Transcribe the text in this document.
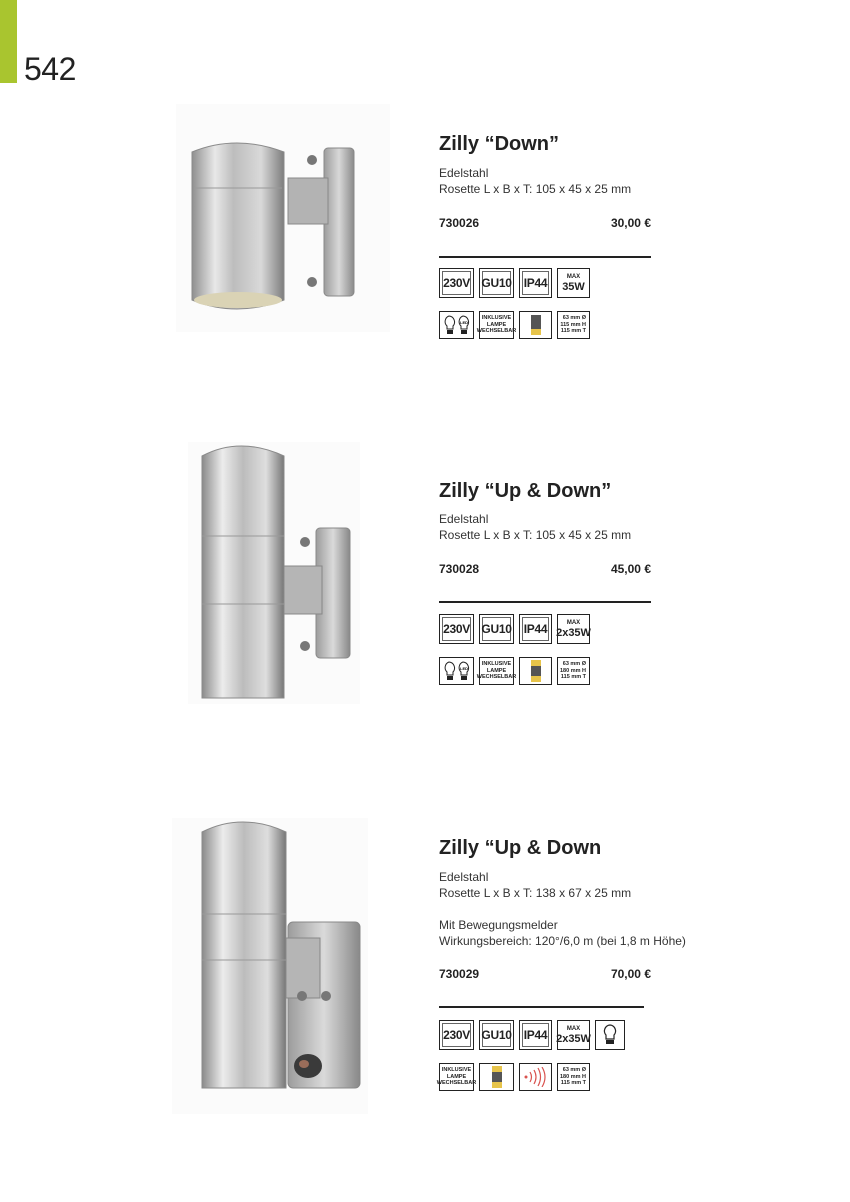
542
Zilly “Down”
Edelstahl
Rosette L x B x T: 105 x 45 x 25 mm
730026	30,00 €
230V GU10 IP44	MAX
35W
LED
INKLUSIVE
LAMPE
WECHSELBAR
63 mm Ø
115 mm H
115 mm T
Zilly “Up & Down”
Edelstahl
Rosette L x B x T: 105 x 45 x 25 mm
730028	45,00 €
230V GU10 IP44	MAX
2x35W
LED
INKLUSIVE
LAMPE
WECHSELBAR
63 mm Ø
180 mm H
115 mm T
Zilly “Up & Down
Edelstahl
Rosette L x B x T: 138 x 67 x 25 mm
Mit Bewegungsmelder
Wirkungsbereich: 120°/6,0 m (bei 1,8 m Höhe)
730029	70,00 €
230V GU10 IP44	MAX
2x35W
INKLUSIVE
LAMPE
WECHSELBAR
63 mm Ø
180 mm H
115 mm T
